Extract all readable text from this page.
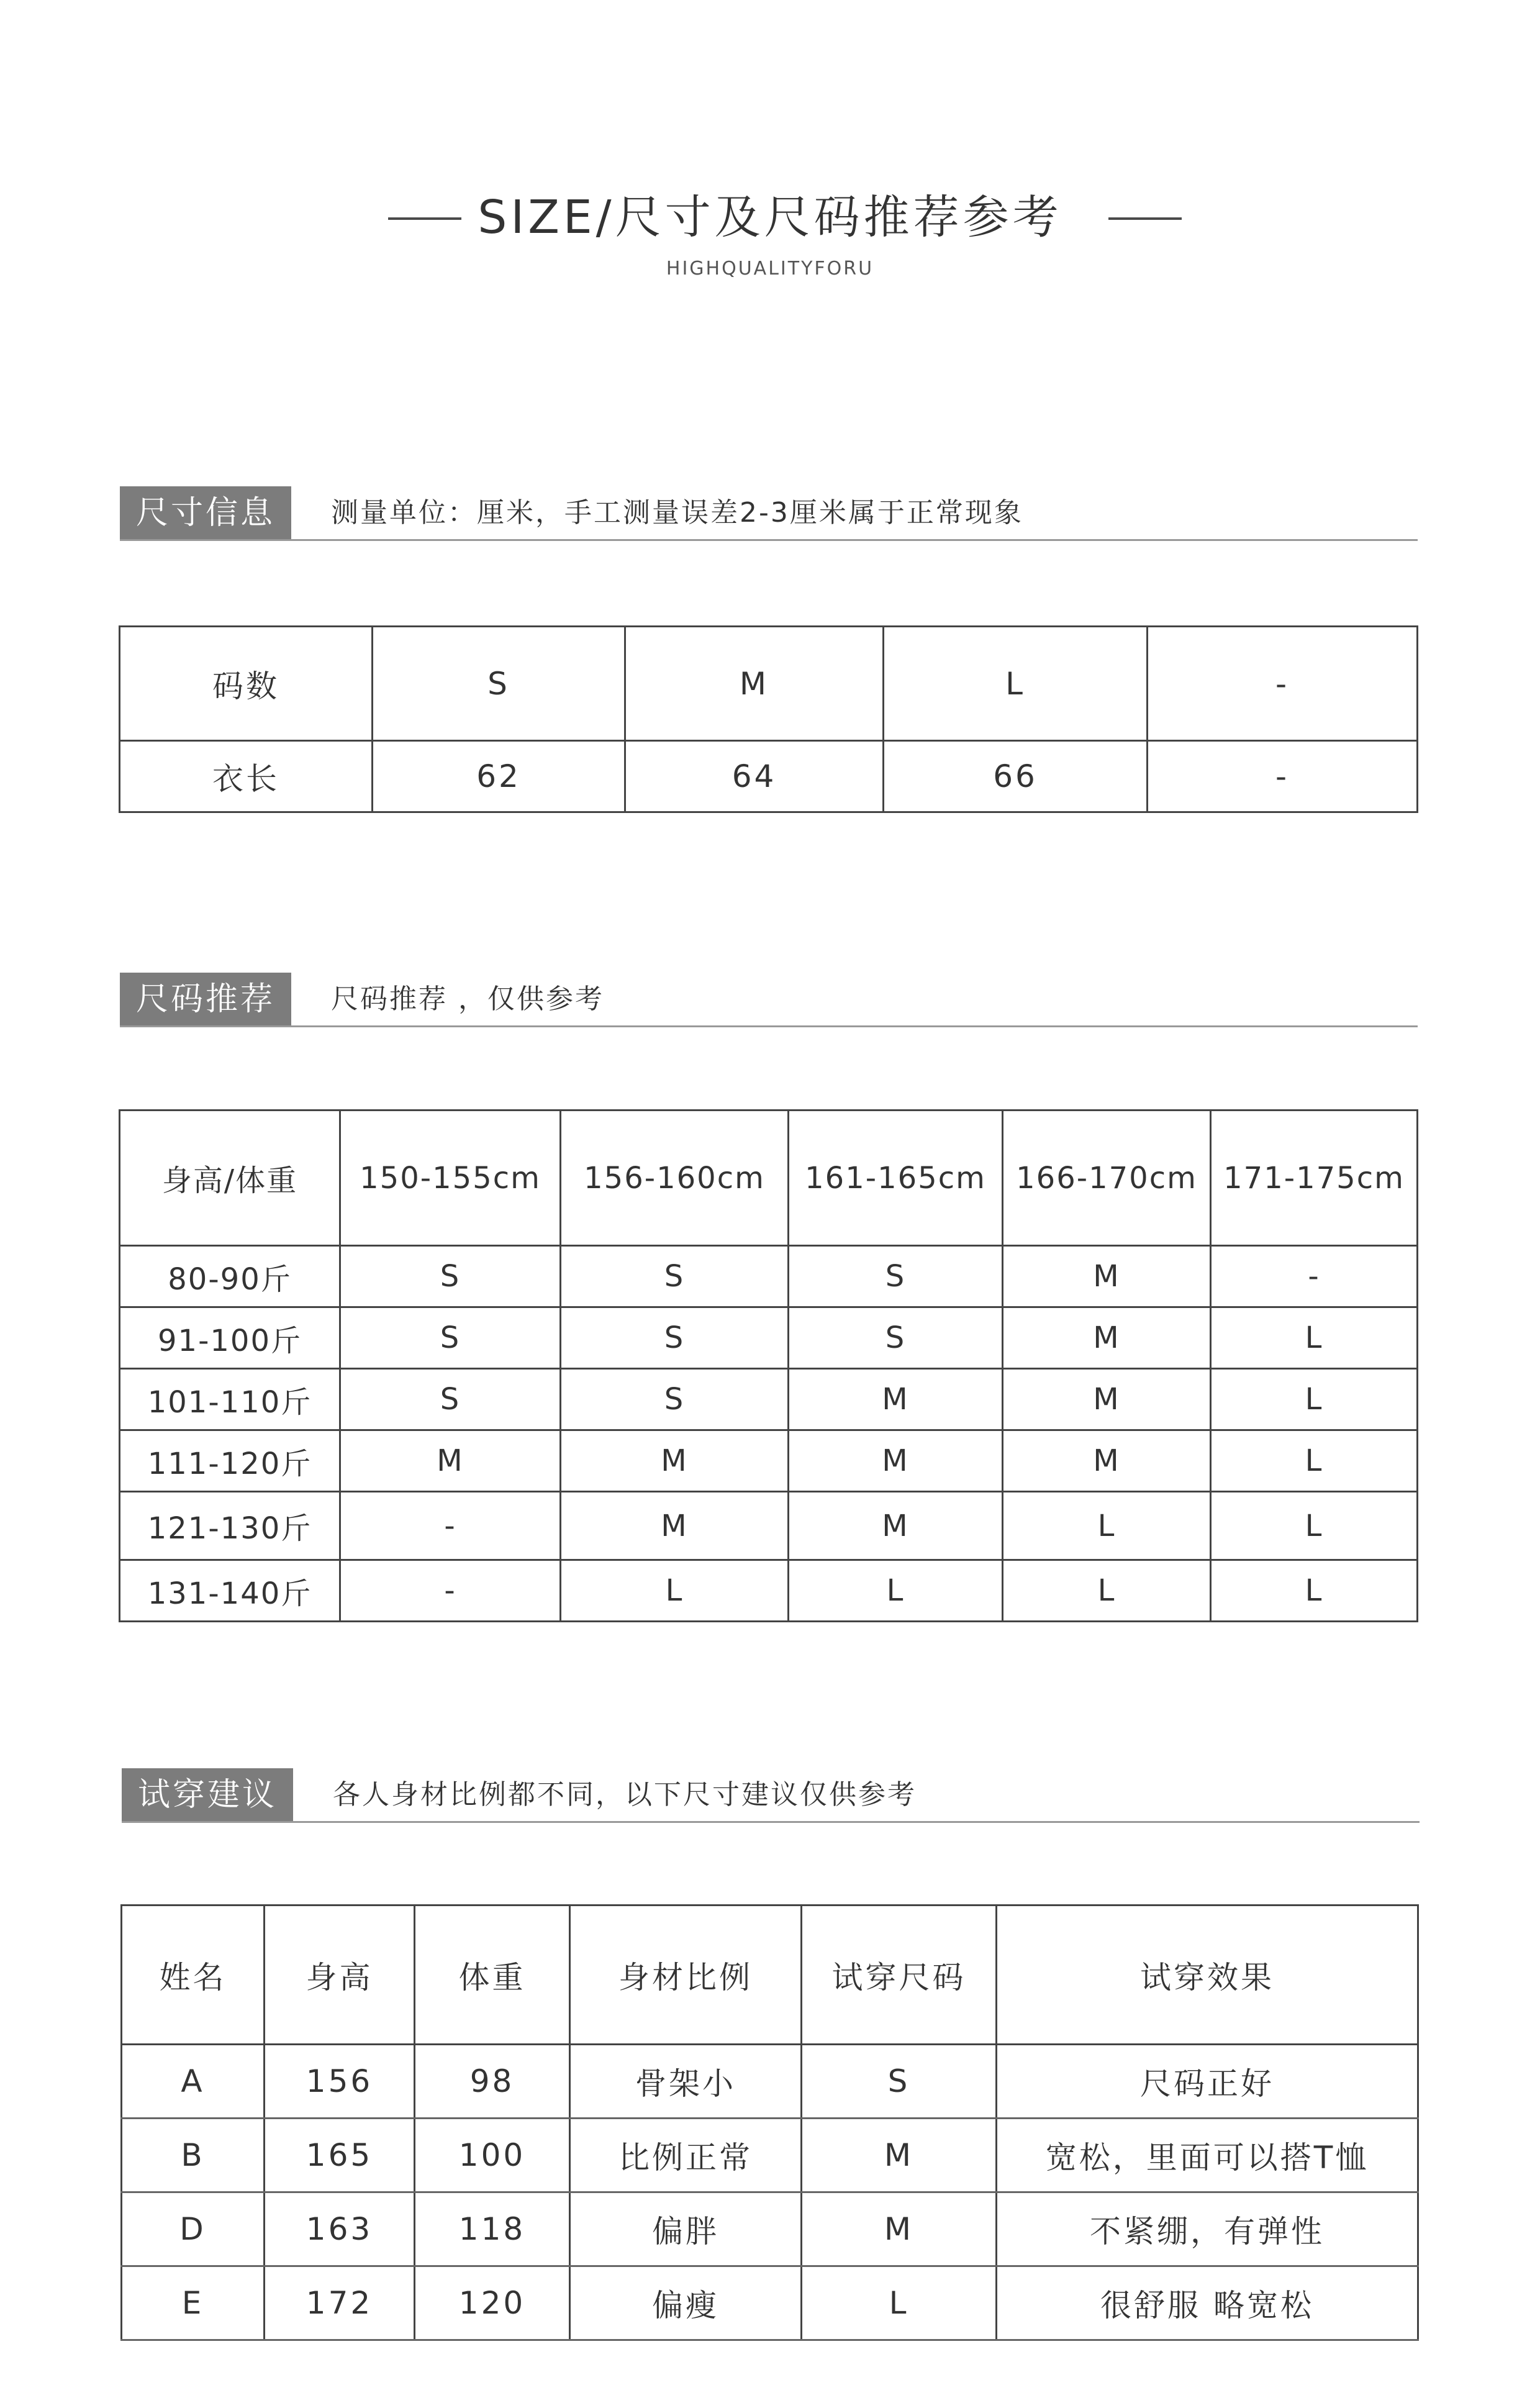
SIZE/尺寸及尺码推荐参考
HIGHQUALITYFORU
尺寸信息	测量单位：厘米，手工测量误差2-3厘米属于正常现象
码数	S	M	L	-
衣长	62	64	66	-
尺码推荐	尺码推荐 ，仅供参考
身高/体重	150-155cm	156-160cm	161-165cm	166-170cm	171-175cm
80-90斤	S	S	S	M	-
91-100斤	S	S	S	M	L
101-110斤	S	S	M	M	L
111-120斤	M	M	M	M	L
121-130斤	-	M	M	L	L
131-140斤	-	L	L	L	L
试穿建议	各人身材比例都不同，以下尺寸建议仅供参考
姓名	身高	体重	身材比例	试穿尺码	试穿效果
A	156	98	骨架小	S	尺码正好
B	165	100	比例正常	M	宽松，里面可以搭T恤
D	163	118	偏胖	M	不紧绷，有弹性
E	172	120	偏瘦	L	很舒服 略宽松
